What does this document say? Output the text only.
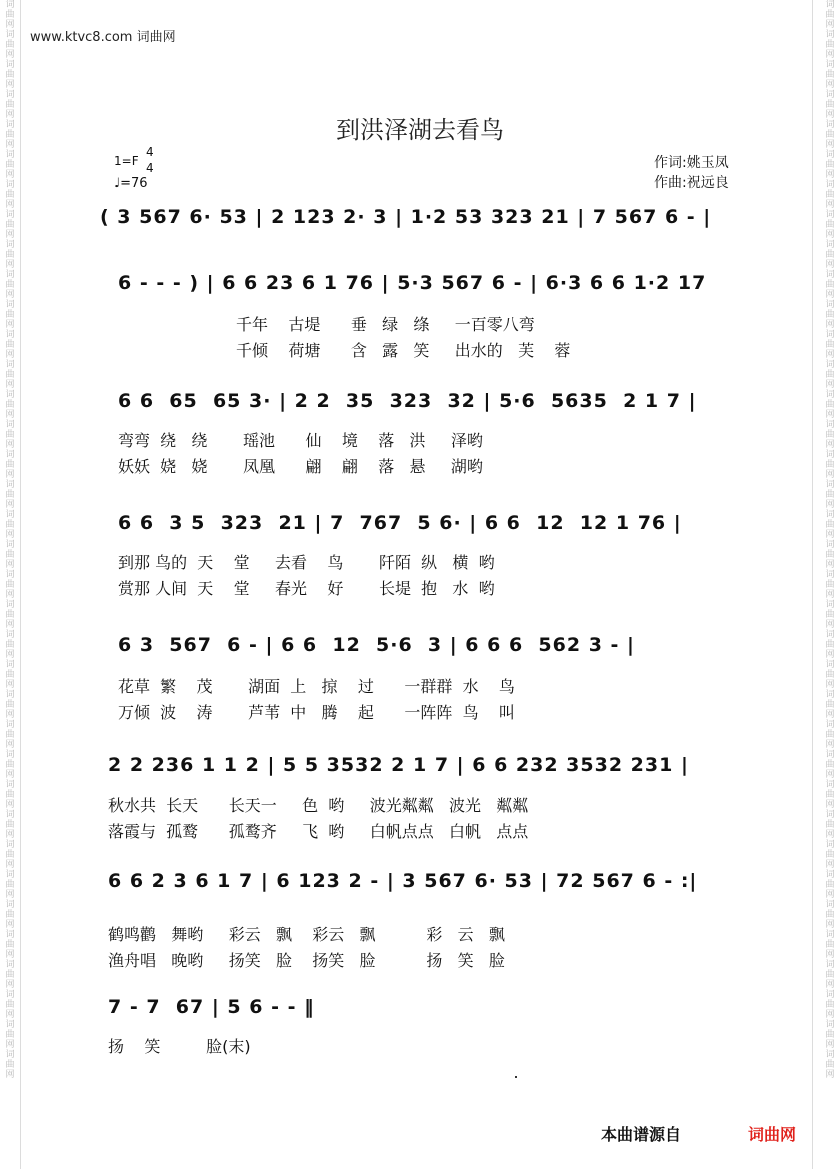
词曲网词曲网词曲网词曲网词曲网词曲网词曲网词曲网词曲网词曲网词曲网词曲网词曲网词曲网词曲网词曲网词曲网词曲网词曲网词曲网词曲网词曲网词曲网词曲网词曲网词曲网词曲网词曲网词曲网词曲网词曲网词曲网词曲网词曲网词曲网词曲网
词曲网词曲网词曲网词曲网词曲网词曲网词曲网词曲网词曲网词曲网词曲网词曲网词曲网词曲网词曲网词曲网词曲网词曲网词曲网词曲网词曲网词曲网词曲网词曲网词曲网词曲网词曲网词曲网词曲网词曲网词曲网词曲网词曲网词曲网词曲网词曲网
www.ktvc8.com 词曲网
到洪泽湖去看鸟
1=F
4
4
♩=76
作词:姚玉凤
作曲:祝远良
( 3 567 6· 53 | 2 123 2· 3 | 1·2 53 323 21 | 7 567 6 - |
6 - - - ) | 6 6 23 6 1 76 | 5·3 567 6 - | 6·3 6 6 1·2 17
千年    古堤      垂   绿   绦     一百零八弯
千倾    荷塘      含   露   笑     出水的   芙    蓉
6 6  65  65 3· | 2 2  35  323  32 | 5·6  5635  2 1 7 |
弯弯  绕   绕       瑶池      仙    境    落   洪     泽哟
妖妖  娆   娆       凤凰      翩    翩    落   悬     湖哟
6 6  3 5  323  21 | 7  767  5 6· | 6 6  12  12 1 76 |
到那 鸟的  天    堂     去看    鸟       阡陌  纵   横  哟
赏那 人间  天    堂     春光    好       长堤  抱   水  哟
6 3  567  6 - | 6 6  12  5·6  3 | 6 6 6  562 3 - |
花草  繁    茂       湖面  上   掠    过      一群群  水    鸟
万倾  波    涛       芦苇  中   腾    起      一阵阵  鸟    叫
2 2 236 1 1 2 | 5 5 3532 2 1 7 | 6 6 232 3532 231 |
秋水共  长天      长天一     色  哟     波光粼粼   波光   粼粼
落霞与  孤鹜      孤鹜齐     飞  哟     白帆点点   白帆   点点
6 6 2 3 6 1 7 | 6 123 2 - | 3 567 6· 53 | 72 567 6 - :|
鹤鸣鹳   舞哟     彩云   飘    彩云   飘          彩   云   飘
渔舟唱   晚哟     扬笑   脸    扬笑   脸          扬   笑   脸
7 - 7  67 | 5 6 - - ‖
扬    笑         脸(末)
本曲谱源自	词曲网
